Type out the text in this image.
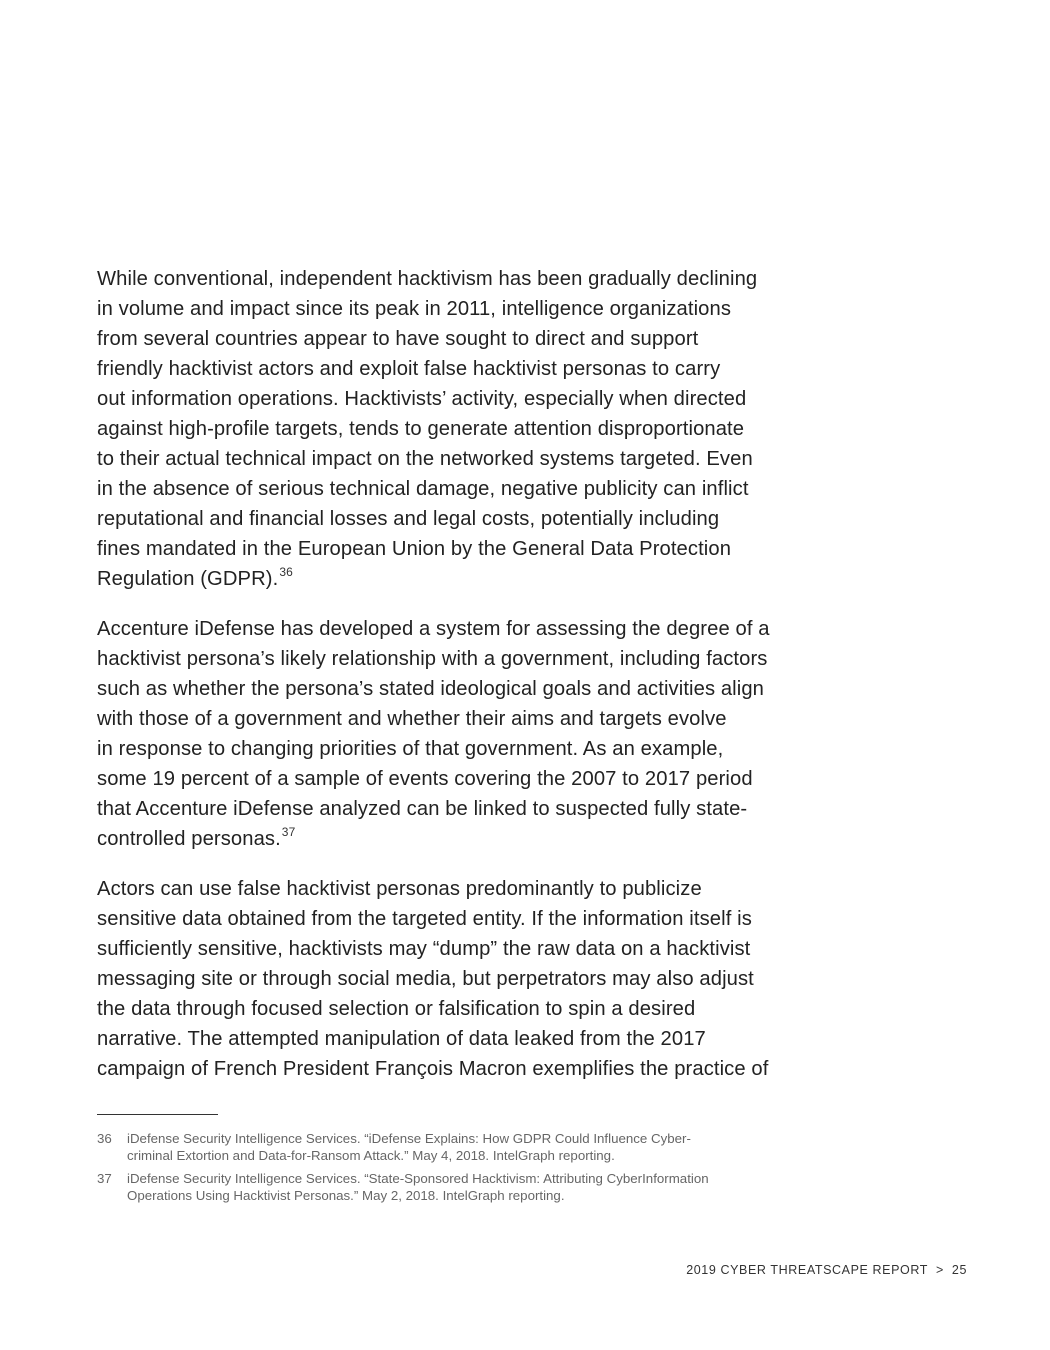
While conventional, independent hacktivism has been gradually declining
in volume and impact since its peak in 2011, intelligence organizations
from several countries appear to have sought to direct and support
friendly hacktivist actors and exploit false hacktivist personas to carry
out information operations. Hacktivists’ activity, especially when directed
against high-profile targets, tends to generate attention disproportionate
to their actual technical impact on the networked systems targeted. Even
in the absence of serious technical damage, negative publicity can inflict
reputational and financial losses and legal costs, potentially including
fines mandated in the European Union by the General Data Protection
Regulation (GDPR).$^{36}$

Accenture iDefense has developed a system for assessing the degree of a
hacktivist persona’s likely relationship with a government, including factors
such as whether the persona’s stated ideological goals and activities align
with those of a government and whether their aims and targets evolve
in response to changing priorities of that government. As an example,
some 19 percent of a sample of events covering the 2007 to 2017 period
that Accenture iDefense analyzed can be linked to suspected fully state-
controlled personas.$^{37}$

Actors can use false hacktivist personas predominantly to publicize
sensitive data obtained from the targeted entity. If the information itself is
sufficiently sensitive, hacktivists may “dump” the raw data on a hacktivist
messaging site or through social media, but perpetrators may also adjust
the data through focused selection or falsification to spin a desired
narrative. The attempted manipulation of data leaked from the 2017
campaign of French President François Macron exemplifies the practice of

36	iDefense Security Intelligence Services. “iDefense Explains: How GDPR Could Influence Cyber-
criminal Extortion and Data-for-Ransom Attack.” May 4, 2018. IntelGraph reporting.
37	iDefense Security Intelligence Services. “State-Sponsored Hacktivism: Attributing CyberInformation
Operations Using Hacktivist Personas.” May 2, 2018. IntelGraph reporting.
2019 CYBER THREATSCAPE REPORT > 25
